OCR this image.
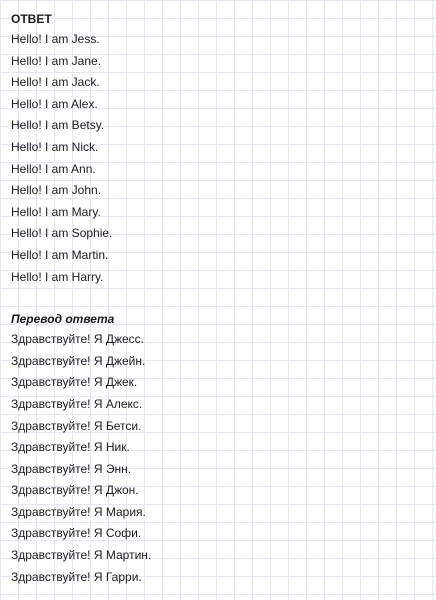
ОТВЕТ
Hello! I am Jess.
Hello! I am Jane.
Hello! I am Jack.
Hello! I am Alex.
Hello! I am Betsy.
Hello! I am Nick.
Hello! I am Ann.
Hello! I am John.
Hello! I am Mary.
Hello! I am Sophie.
Hello! I am Martin.
Hello! I am Harry.
Перевод ответа
Здравствуйте! Я Джесс.
Здравствуйте! Я Джейн.
Здравствуйте! Я Джек.
Здравствуйте! Я Алекс.
Здравствуйте! Я Бетси.
Здравствуйте! Я Ник.
Здравствуйте! Я Энн.
Здравствуйте! Я Джон.
Здравствуйте! Я Мария.
Здравствуйте! Я Софи.
Здравствуйте! Я Мартин.
Здравствуйте! Я Гарри.
